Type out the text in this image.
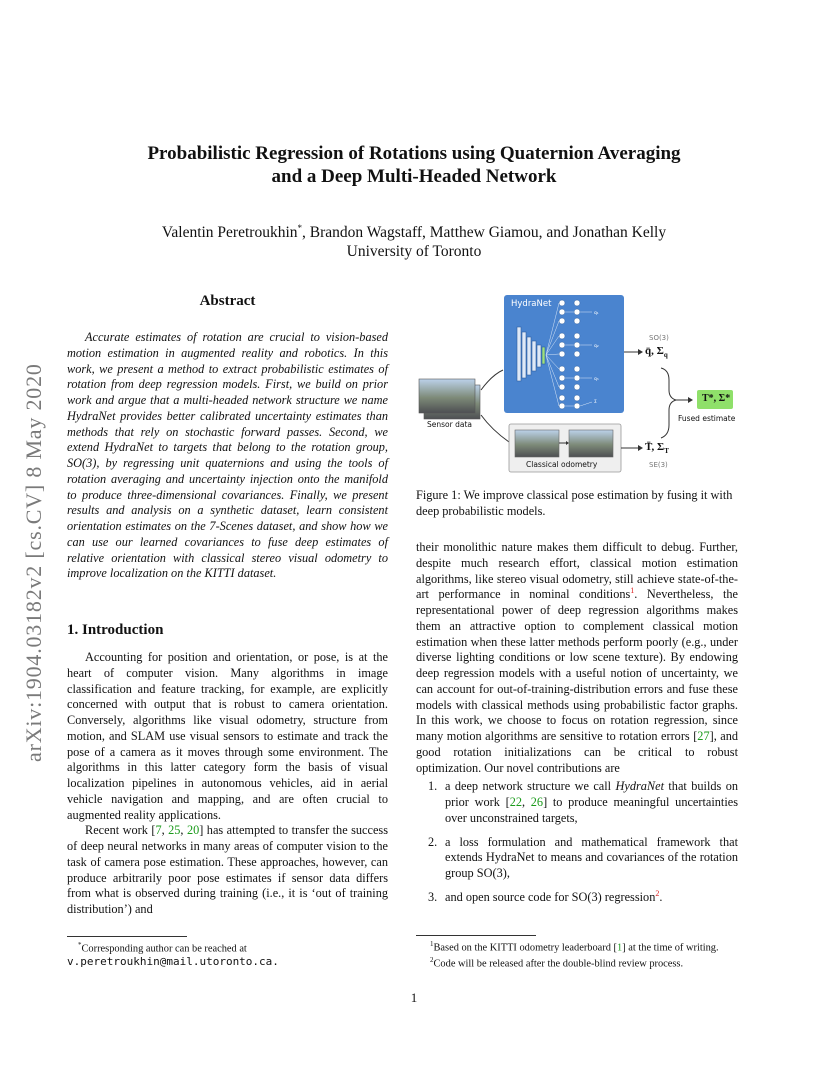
arXiv:1904.03182v2 [cs.CV] 8 May 2020
Probabilistic Regression of Rotations using Quaternion Averaging
and a Deep Multi-Headed Network
Valentin Peretroukhin*, Brandon Wagstaff, Matthew Giamou, and Jonathan Kelly
University of Toronto
Abstract

Accurate estimates of rotation are crucial to vision-based motion estimation in augmented reality and robotics. In this work, we present a method to extract probabilistic estimates of rotation from deep regression models. First, we build on prior work and argue that a multi-headed network structure we name HydraNet provides better calibrated uncertainty estimates than methods that rely on stochastic forward passes. Second, we extend HydraNet to targets that belong to the rotation group, SO(3), by regressing unit quaternions and using the tools of rotation averaging and uncertainty injection onto the manifold to produce three-dimensional covariances. Finally, we present results and analysis on a synthetic dataset, learn consistent orientation estimates on the 7-Scenes dataset, and show how we can use our learned covariances to fuse deep estimates of relative orientation with classical stereo visual odometry to improve localization on the KITTI dataset.

1. Introduction

Accounting for position and orientation, or pose, is at the heart of computer vision. Many algorithms in image classification and feature tracking, for example, are explicitly concerned with output that is robust to camera orientation. Conversely, algorithms like visual odometry, structure from motion, and SLAM use visual sensors to estimate and track the pose of a camera as it moves through some environment. The algorithms in this latter category form the basis of visual localization pipelines in autonomous vehicles, aid in aerial vehicle navigation and mapping, and are often crucial to augmented reality applications.

Recent work [7, 25, 20] has attempted to transfer the success of deep neural networks in many areas of computer vision to the task of camera pose estimation. These approaches, however, can produce arbitrarily poor pose estimates if sensor data differs from what is observed during training (i.e., it is ‘out of training distribution’) and

*Corresponding author can be reached at
v.peretroukhin@mail.utoronto.ca.
q₁
q₂
qₕ
Σ
HydraNet
SO(3)
q̄, $\Sigma_q$
T*, Σ*
Fused estimate
Sensor data
Classical odometry
T̄, $\Sigma_T$
SE(3)
Figure 1: We improve classical pose estimation by fusing it with deep probabilistic models.

their monolithic nature makes them difficult to debug. Further, despite much research effort, classical motion estimation algorithms, like stereo visual odometry, still achieve state-of-the-art performance in nominal conditions$^1$. Nevertheless, the representational power of deep regression algorithms makes them an attractive option to complement classical motion estimation when these latter methods perform poorly (e.g., under diverse lighting conditions or low scene texture). By endowing deep regression models with a useful notion of uncertainty, we can account for out-of-training-distribution errors and fuse these models with classical methods using probabilistic factor graphs. In this work, we choose to focus on rotation regression, since many motion algorithms are sensitive to rotation errors [27], and good rotation initializations can be critical to robust optimization. Our novel contributions are

1. a deep network structure we call HydraNet that builds on prior work [22, 26] to produce meaningful uncertainties over unconstrained targets,
2. a loss formulation and mathematical framework that extends HydraNet to means and covariances of the rotation group SO(3),
3. and open source code for SO(3) regression$^2$.
$^1$Based on the KITTI odometry leaderboard [1] at the time of writing.
$^2$Code will be released after the double-blind review process.
1
